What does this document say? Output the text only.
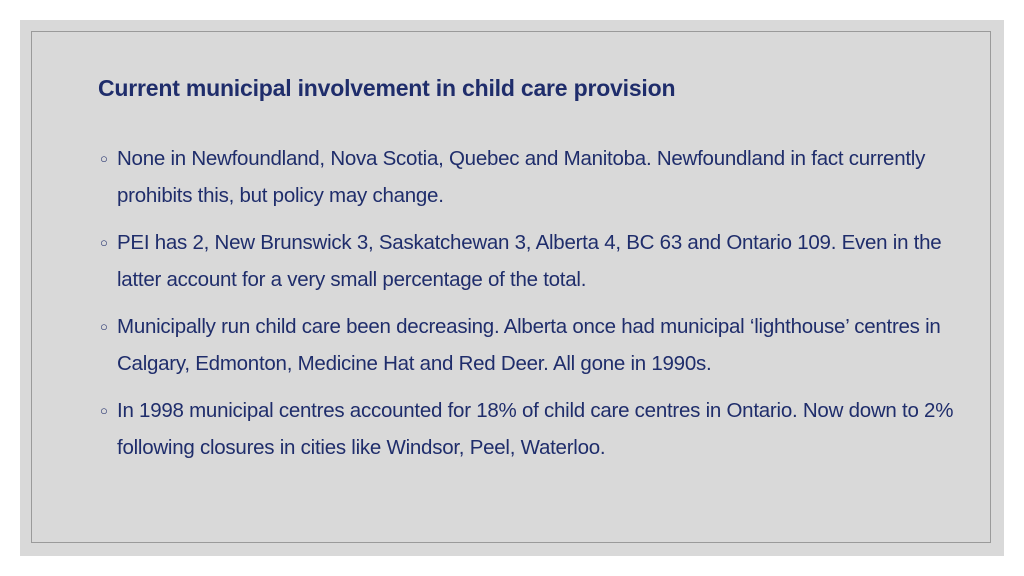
Current municipal involvement in child care provision
○ None in Newfoundland, Nova Scotia, Quebec and Manitoba. Newfoundland in fact currently prohibits this, but policy may change.
○ PEI has 2, New Brunswick 3, Saskatchewan 3, Alberta 4, BC 63 and Ontario 109. Even in the latter account for a very small percentage of the total.
○ Municipally run child care been decreasing. Alberta once had municipal ‘lighthouse’ centres in Calgary, Edmonton, Medicine Hat and Red Deer. All gone in 1990s.
○ In 1998 municipal centres accounted for 18% of child care centres in Ontario. Now down to 2% following closures in cities like Windsor, Peel, Waterloo.
